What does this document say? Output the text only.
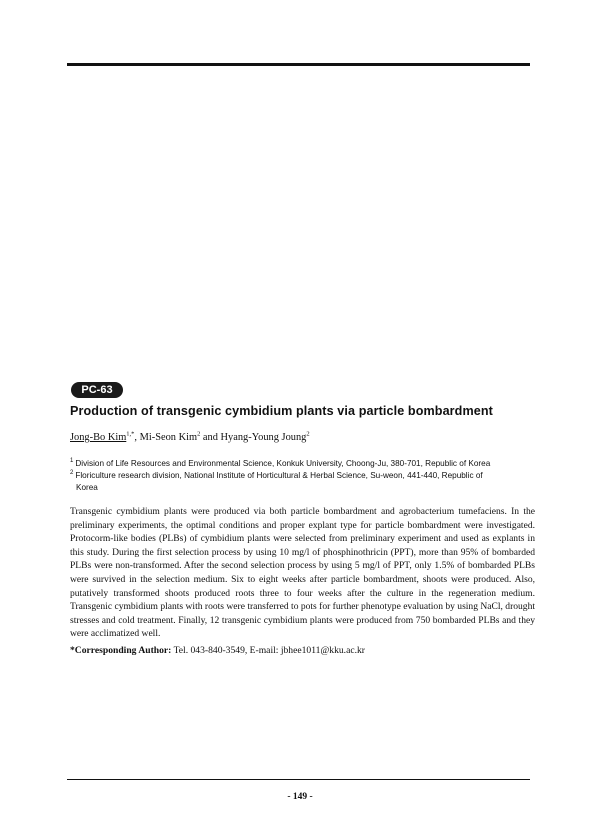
PC-63
Production of transgenic cymbidium plants via particle bombardment
Jong-Bo Kim$^{1,*}$, Mi-Seon Kim$^2$ and Hyang-Young Joung$^2$
$^1$ Division of Life Resources and Environmental Science, Konkuk University, Choong-Ju, 380-701, Republic of Korea
$^2$ Floriculture research division, National Institute of Horticultural & Herbal Science, Su-weon, 441-440, Republic of
Korea
Transgenic cymbidium plants were produced via both particle bombardment and agrobacterium tumefaciens. In the preliminary experiments, the optimal conditions and proper explant type for particle bombardment were investigated. Protocorm-like bodies (PLBs) of cymbidium plants were selected from preliminary experiment and used as explants in this study. During the first selection process by using 10 mg/l of phosphinothricin (PPT), more than 95% of bombarded PLBs were non-transformed. After the second selection process by using 5 mg/l of PPT, only 1.5% of bombarded PLBs were survived in the selection medium. Six to eight weeks after particle bombardment, shoots were produced. Also, putatively transformed shoots produced roots three to four weeks after the culture in the regeneration medium. Transgenic cymbidium plants with roots were transferred to pots for further phenotype evaluation by using NaCl, drought stresses and cold treatment. Finally, 12 transgenic cymbidium plants were produced from 750 bombarded PLBs and they were acclimatized well.
*Corresponding Author: Tel. 043-840-3549, E-mail: jbhee1011@kku.ac.kr
- 149 -
